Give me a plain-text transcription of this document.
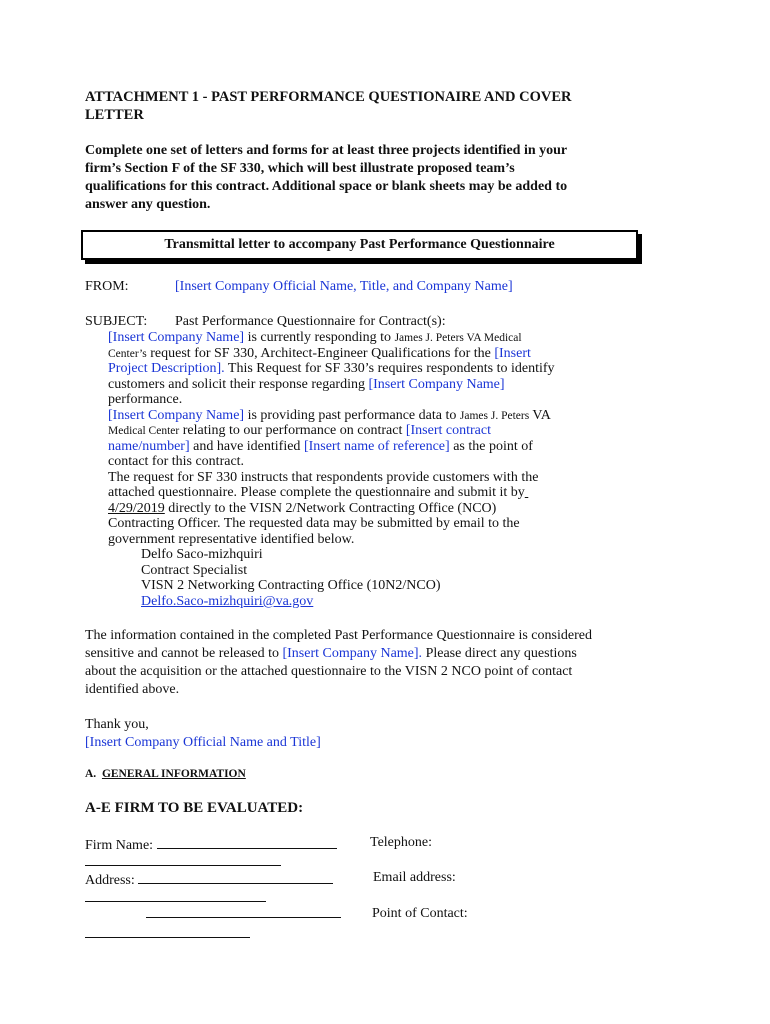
ATTACHMENT 1 - PAST PERFORMANCE QUESTIONAIRE AND COVER
LETTER
Complete one set of letters and forms for at least three projects identified in your
firm’s Section F of the SF 330, which will best illustrate proposed team’s
qualifications for this contract. Additional space or blank sheets may be added to
answer any question.
Transmittal letter to accompany Past Performance Questionnaire
FROM:	[Insert Company Official Name, Title, and Company Name]
SUBJECT: Past Performance Questionnaire for Contract(s):
[Insert Company Name] is currently responding to James J. Peters VA Medical
Center’s request for SF 330, Architect-Engineer Qualifications for the [Insert
Project Description]. This Request for SF 330’s requires respondents to identify
customers and solicit their response regarding [Insert Company Name]
performance.
[Insert Company Name] is providing past performance data to James J. Peters VA
Medical Center relating to our performance on contract [Insert contract
name/number] and have identified [Insert name of reference] as the point of
contact for this contract.
The request for SF 330 instructs that respondents provide customers with the
attached questionnaire. Please complete the questionnaire and submit it by
4/29/2019 directly to the VISN 2/Network Contracting Office (NCO)
Contracting Officer. The requested data may be submitted by email to the
government representative identified below.
Delfo Saco-mizhquiri
Contract Specialist
VISN 2 Networking Contracting Office (10N2/NCO)
Delfo.Saco-mizhquiri@va.gov
The information contained in the completed Past Performance Questionnaire is considered
sensitive and cannot be released to [Insert Company Name]. Please direct any questions
about the acquisition or the attached questionnaire to the VISN 2 NCO point of contact
identified above.
Thank you,
[Insert Company Official Name and Title]
A. GENERAL INFORMATION
A-E FIRM TO BE EVALUATED:
Firm Name:	Telephone:
Address:	Email address:
Point of Contact:
